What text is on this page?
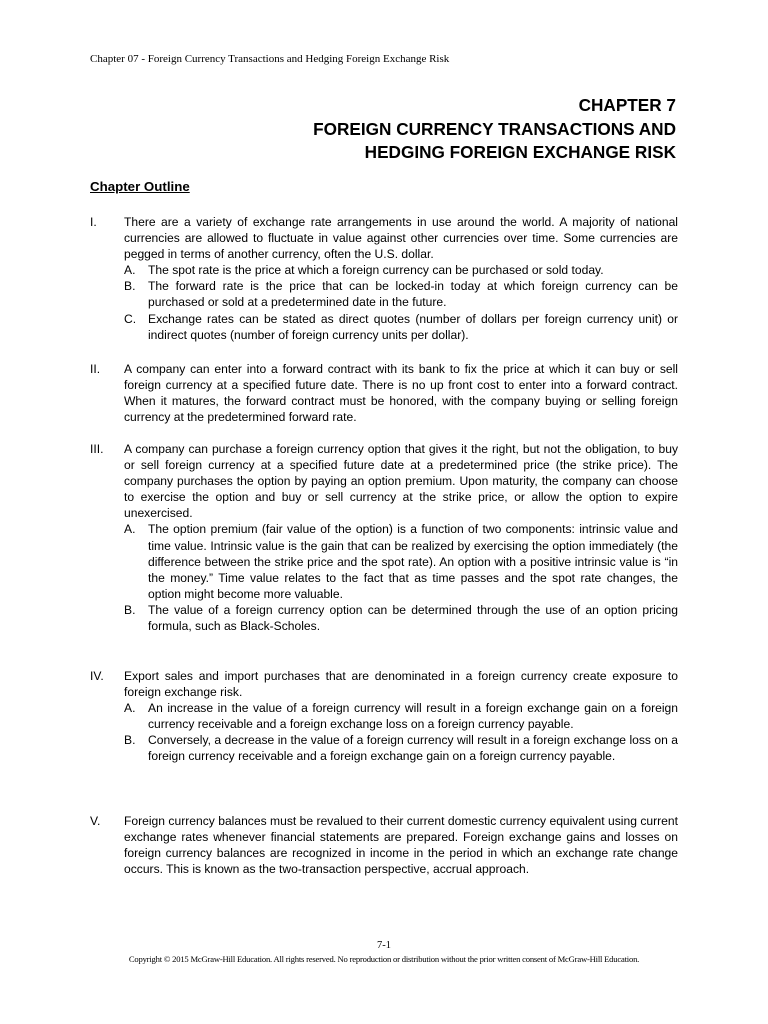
Chapter 07 - Foreign Currency Transactions and Hedging Foreign Exchange Risk
CHAPTER 7
FOREIGN CURRENCY TRANSACTIONS AND
HEDGING FOREIGN EXCHANGE RISK
Chapter Outline
I.	There are a variety of exchange rate arrangements in use around the world. A majority of national currencies are allowed to fluctuate in value against other currencies over time. Some currencies are pegged in terms of another currency, often the U.S. dollar.
A.	The spot rate is the price at which a foreign currency can be purchased or sold today.
B.	The forward rate is the price that can be locked-in today at which foreign currency can be purchased or sold at a predetermined date in the future.
C. Exchange rates can be stated as direct quotes (number of dollars per foreign currency unit) or indirect quotes (number of foreign currency units per dollar).
II.	A company can enter into a forward contract with its bank to fix the price at which it can buy or sell foreign currency at a specified future date. There is no up front cost to enter into a forward contract. When it matures, the forward contract must be honored, with the company buying or selling foreign currency at the predetermined forward rate.
III.	A company can purchase a foreign currency option that gives it the right, but not the obligation, to buy or sell foreign currency at a specified future date at a predetermined price (the strike price). The company purchases the option by paying an option premium. Upon maturity, the company can choose to exercise the option and buy or sell currency at the strike price, or allow the option to expire unexercised.
A.	The option premium (fair value of the option) is a function of two components: intrinsic value and time value. Intrinsic value is the gain that can be realized by exercising the option immediately (the difference between the strike price and the spot rate). An option with a positive intrinsic value is “in the money.” Time value relates to the fact that as time passes and the spot rate changes, the option might become more valuable.
B.	The value of a foreign currency option can be determined through the use of an option pricing formula, such as Black-Scholes.
IV.	Export sales and import purchases that are denominated in a foreign currency create exposure to foreign exchange risk.
A.	An increase in the value of a foreign currency will result in a foreign exchange gain on a foreign currency receivable and a foreign exchange loss on a foreign currency payable.
B.	Conversely, a decrease in the value of a foreign currency will result in a foreign exchange loss on a foreign currency receivable and a foreign exchange gain on a foreign currency payable.
V.	Foreign currency balances must be revalued to their current domestic currency equivalent using current exchange rates whenever financial statements are prepared. Foreign exchange gains and losses on foreign currency balances are recognized in income in the period in which an exchange rate change occurs. This is known as the two-transaction perspective, accrual approach.
7-1
Copyright © 2015 McGraw-Hill Education. All rights reserved. No reproduction or distribution without the prior written consent of McGraw-Hill Education.
